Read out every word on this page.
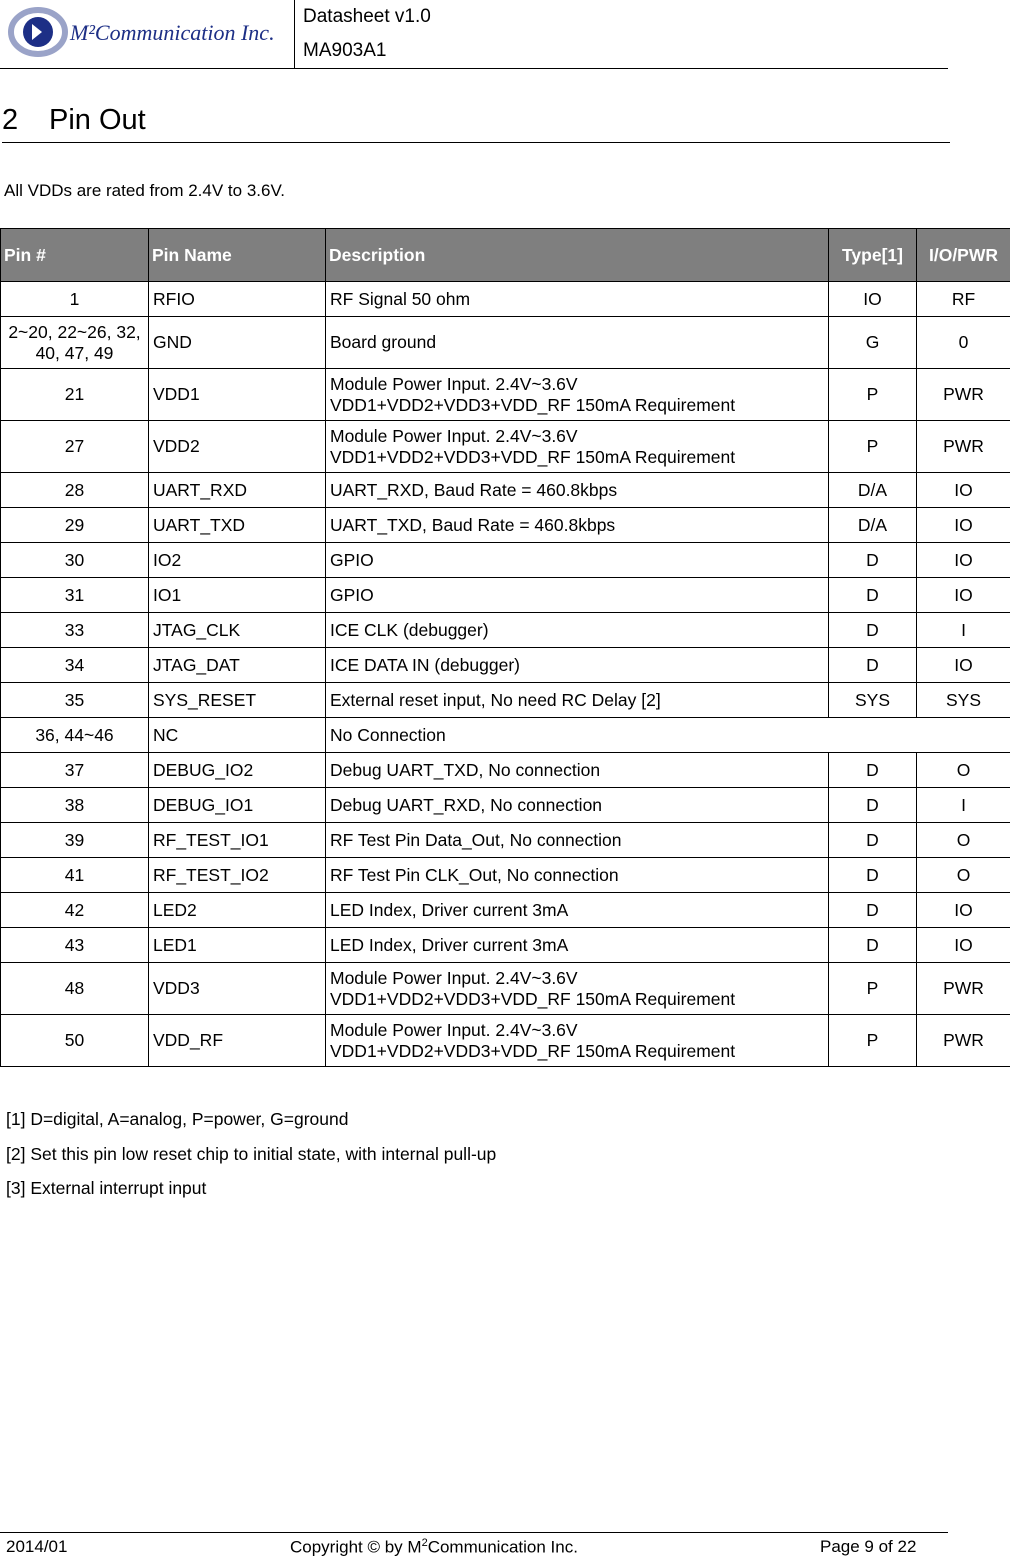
M²Communication Inc.
Datasheet v1.0
MA903A1
2 Pin Out
All VDDs are rated from 2.4V to 3.6V.
Pin #	Pin Name	Description	Type[1]	I/O/PWR
1	RFIO	RF Signal 50 ohm	IO	RF
2~20, 22~26, 32, 40, 47, 49	GND	Board ground	G	0
21	VDD1	Module Power Input. 2.4V~3.6V
VDD1+VDD2+VDD3+VDD_RF 150mA Requirement	P	PWR
27	VDD2	Module Power Input. 2.4V~3.6V
VDD1+VDD2+VDD3+VDD_RF 150mA Requirement	P	PWR
28	UART_RXD	UART_RXD, Baud Rate = 460.8kbps	D/A	IO
29	UART_TXD	UART_TXD, Baud Rate = 460.8kbps	D/A	IO
30	IO2	GPIO	D	IO
31	IO1	GPIO	D	IO
33	JTAG_CLK	ICE CLK (debugger)	D	I
34	JTAG_DAT	ICE DATA IN (debugger)	D	IO
35	SYS_RESET	External reset input, No need RC Delay [2]	SYS	SYS
36, 44~46	NC	No Connection		

37	DEBUG_IO2	Debug UART_TXD, No connection	D	O
38	DEBUG_IO1	Debug UART_RXD, No connection	D	I
39	RF_TEST_IO1	RF Test Pin Data_Out, No connection	D	O
41	RF_TEST_IO2	RF Test Pin CLK_Out, No connection	D	O
42	LED2	LED Index, Driver current 3mA	D	IO
43	LED1	LED Index, Driver current 3mA	D	IO
48	VDD3	Module Power Input. 2.4V~3.6V
VDD1+VDD2+VDD3+VDD_RF 150mA Requirement	P	PWR
50	VDD_RF	Module Power Input. 2.4V~3.6V
VDD1+VDD2+VDD3+VDD_RF 150mA Requirement	P	PWR
[1] D=digital, A=analog, P=power, G=ground
[2] Set this pin low reset chip to initial state, with internal pull-up
[3] External interrupt input
2014/01	Copyright © by $M^2Communication$ Inc.	Page 9 of 22
